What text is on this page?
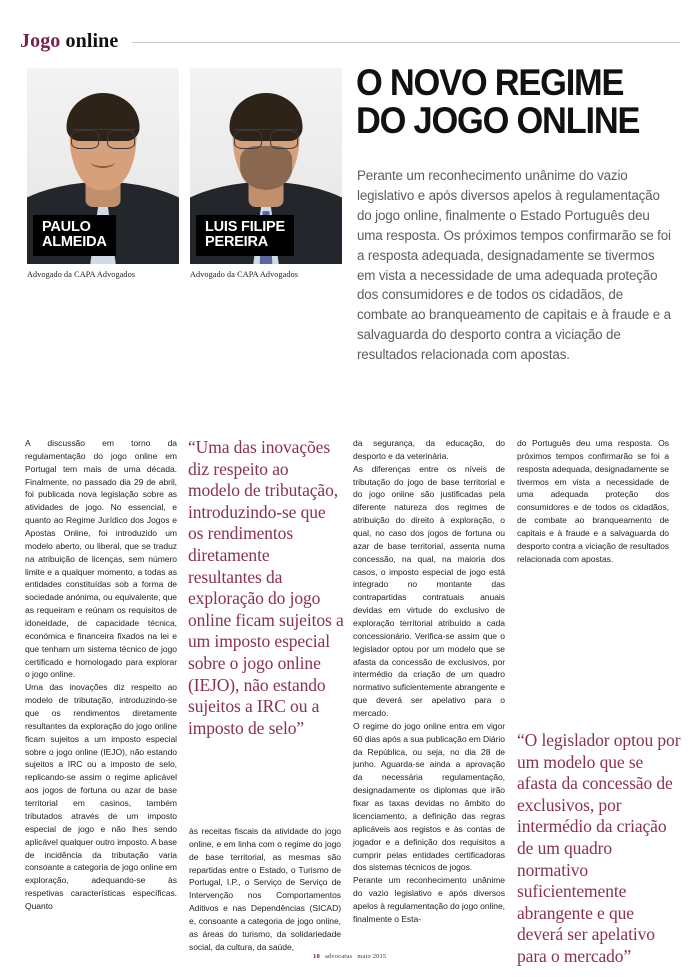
Jogo online
PAULO
ALMEIDA
Advogado da CAPA Advogados
LUIS FILIPE
PEREIRA
Advogado da CAPA Advogados
O NOVO REGIME
DO JOGO ONLINE
Perante um reconhecimento unânime do vazio legislativo e após diversos apelos à regulamentação do jogo online, finalmente o Estado Português deu uma resposta. Os próximos tempos confirmarão se foi a resposta adequada, designadamente se tivermos em vista a necessidade de uma adequada proteção dos consumidores e de todos os cidadãos, de combate ao branqueamento de capitais e à fraude e a salvaguarda do desporto contra a viciação de resultados relacionada com apostas.

A discussão em torno da regulamentação do jogo online em Portugal tem mais de uma década. Finalmente, no passado dia 29 de abril, foi publicada nova legislação sobre as atividades de jogo. No essencial, e quanto ao Regime Jurídico dos Jogos e Apostas Online, foi introduzido um modelo aberto, ou liberal, que se traduz na atribuição de licenças, sem número limite e a qualquer momento, a todas as entidades constituídas sob a forma de sociedade anónima, ou equivalente, que as requeiram e reúnam os requisitos de idoneidade, de capacidade técnica, económica e financeira fixados na lei e que tenham um sistema técnico de jogo certificado e homologado para explorar o jogo online.

Uma das inovações diz respeito ao modelo de tributação, introduzindo-se que os rendimentos diretamente resultantes da exploração do jogo online ficam sujeitos a um imposto especial sobre o jogo online (IEJO), não estando sujeitos a IRC ou a imposto de selo, replicando-se assim o regime aplicável aos jogos de fortuna ou azar de base territorial em casinos, também tributados através de um imposto especial de jogo e não lhes sendo aplicável qualquer outro imposto. A base de incidência da tributação varia consoante a categoria de jogo online em exploração, adequando-se às respetivas características específicas. Quanto

“Uma das inovações diz respeito ao modelo de tributação, introduzindo-se que os rendimentos diretamente resultantes da exploração do jogo online ficam sujeitos a um imposto especial sobre o jogo online (IEJO), não estando sujeitos a IRC ou a imposto de selo”

às receitas fiscais da atividade do jogo online, e em linha com o regime do jogo de base territorial, as mesmas são repartidas entre o Estado, o Turismo de Portugal, I.P., o Serviço de Serviço de Intervenção nos Comportamentos Aditivos e nas Dependências (SICAD) e, consoante a categoria de jogo online, as áreas do turismo, da solidariedade social, da cultura, da saúde,

da segurança, da educação, do desporto e da veterinária.

As diferenças entre os níveis de tributação do jogo de base territorial e do jogo online são justificadas pela diferente natureza dos regimes de atribuição do direito à exploração, o qual, no caso dos jogos de fortuna ou azar de base territorial, assenta numa concessão, na qual, na maioria dos casos, o imposto especial de jogo está integrado no montante das contrapartidas contratuais anuais devidas em virtude do exclusivo de exploração territorial atribuído a cada concessionário. Verifica-se assim que o legislador optou por um modelo que se afasta da concessão de exclusivos, por intermédio da criação de um quadro normativo suficientemente abrangente e que deverá ser apelativo para o mercado.

O regime do jogo online entra em vigor 60 dias após a sua publicação em Diário da República, ou seja, no dia 28 de junho. Aguarda-se ainda a aprovação da necessária regulamentação, designadamente os diplomas que irão fixar as taxas devidas no âmbito do licenciamento, a definição das regras aplicáveis aos registos e às contas de jogador e a definição dos requisitos a cumprir pelas entidades certificadoras dos sistemas técnicos de jogos.

Perante um reconhecimento unânime do vazio legislativo e após diversos apelos à regulamentação do jogo online, finalmente o Esta-

do Português deu uma resposta. Os próximos tempos confirmarão se foi a resposta adequada, designadamente se tivermos em vista a necessidade de uma adequada proteção dos consumidores e de todos os cidadãos, de combate ao branqueamento de capitais e à fraude e a salvaguarda do desporto contra a viciação de resultados relacionada com apostas.

“O legislador optou por um modelo que se afasta da concessão de exclusivos, por intermédio da criação de um quadro normativo suficientemente abrangente e que deverá ser apelativo para o mercado”
18 advocatus maio 2015
